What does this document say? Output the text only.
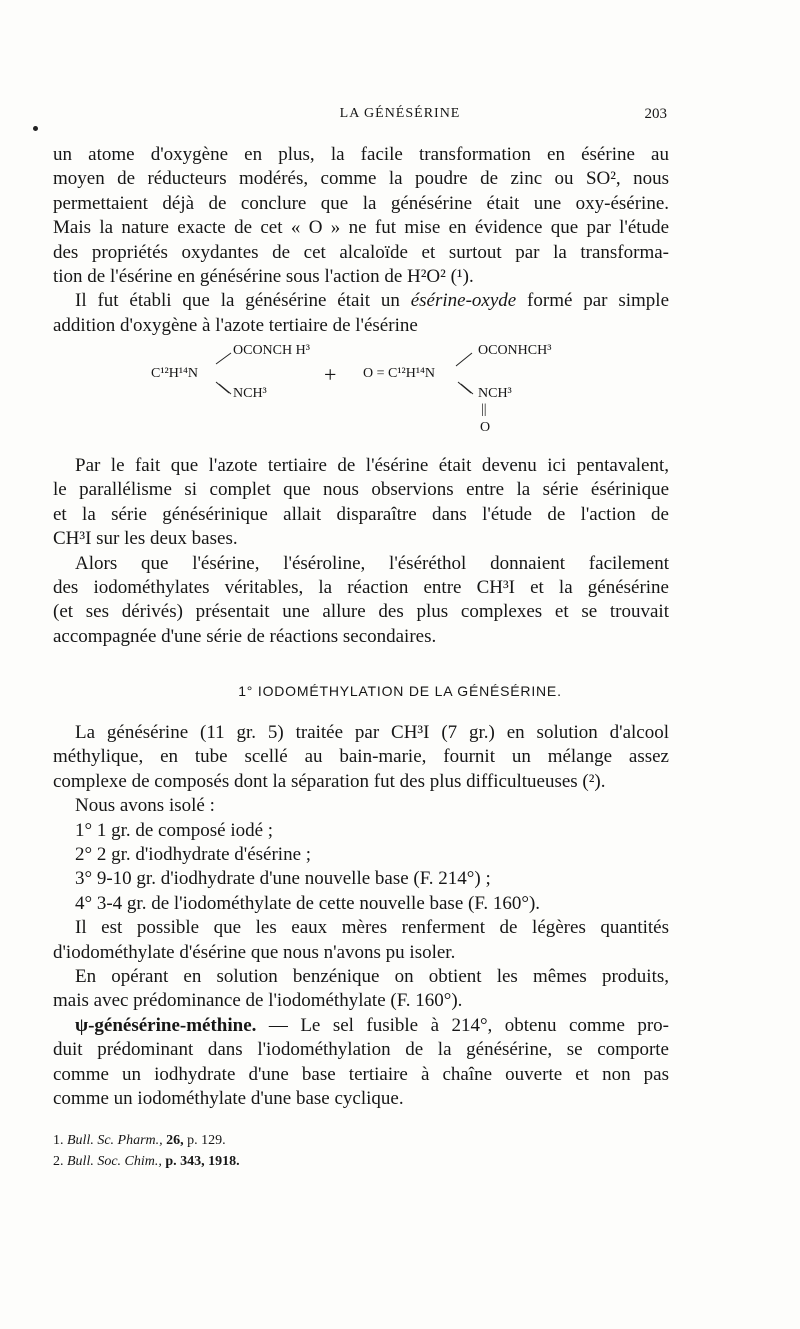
LA GÉNÉSÉRINE	203
un atome d'oxygène en plus, la facile transformation en ésérine au
moyen de réducteurs modérés, comme la poudre de zinc ou SO², nous
permettaient déjà de conclure que la génésérine était une oxy-ésérine.
Mais la nature exacte de cet « O » ne fut mise en évidence que par l'étude
des propriétés oxydantes de cet alcaloïde et surtout par la transforma-
tion de l'ésérine en génésérine sous l'action de H²O² (¹).
Il fut établi que la génésérine était un ésérine-oxyde formé par simple
addition d'oxygène à l'azote tertiaire de l'ésérine
C¹²H¹⁴N
OCONCH H³
NCH³
+ O = C¹²H¹⁴N
OCONHCH³
NCH³
||
O
Par le fait que l'azote tertiaire de l'ésérine était devenu ici pentavalent,
le parallélisme si complet que nous observions entre la série ésérinique
et la série génésérinique allait disparaître dans l'étude de l'action de
CH³I sur les deux bases.
Alors que l'ésérine, l'éséroline, l'éséréthol donnaient facilement
des iodométhylates véritables, la réaction entre CH³I et la génésérine
(et ses dérivés) présentait une allure des plus complexes et se trouvait
accompagnée d'une série de réactions secondaires.
1° IODOMÉTHYLATION DE LA GÉNÉSÉRINE.
La génésérine (11 gr. 5) traitée par CH³I (7 gr.) en solution d'alcool
méthylique, en tube scellé au bain-marie, fournit un mélange assez
complexe de composés dont la séparation fut des plus difficultueuses (²).
Nous avons isolé :
1° 1 gr. de composé iodé ;
2° 2 gr. d'iodhydrate d'ésérine ;
3° 9-10 gr. d'iodhydrate d'une nouvelle base (F. 214°) ;
4° 3-4 gr. de l'iodométhylate de cette nouvelle base (F. 160°).
Il est possible que les eaux mères renferment de légères quantités
d'iodométhylate d'ésérine que nous n'avons pu isoler.
En opérant en solution benzénique on obtient les mêmes produits,
mais avec prédominance de l'iodométhylate (F. 160°).
ψ-génésérine-méthine. — Le sel fusible à 214°, obtenu comme pro-
duit prédominant dans l'iodométhylation de la génésérine, se comporte
comme un iodhydrate d'une base tertiaire à chaîne ouverte et non pas
comme un iodométhylate d'une base cyclique.
1. Bull. Sc. Pharm., 26, p. 129.
2. Bull. Soc. Chim., p. 343, 1918.
